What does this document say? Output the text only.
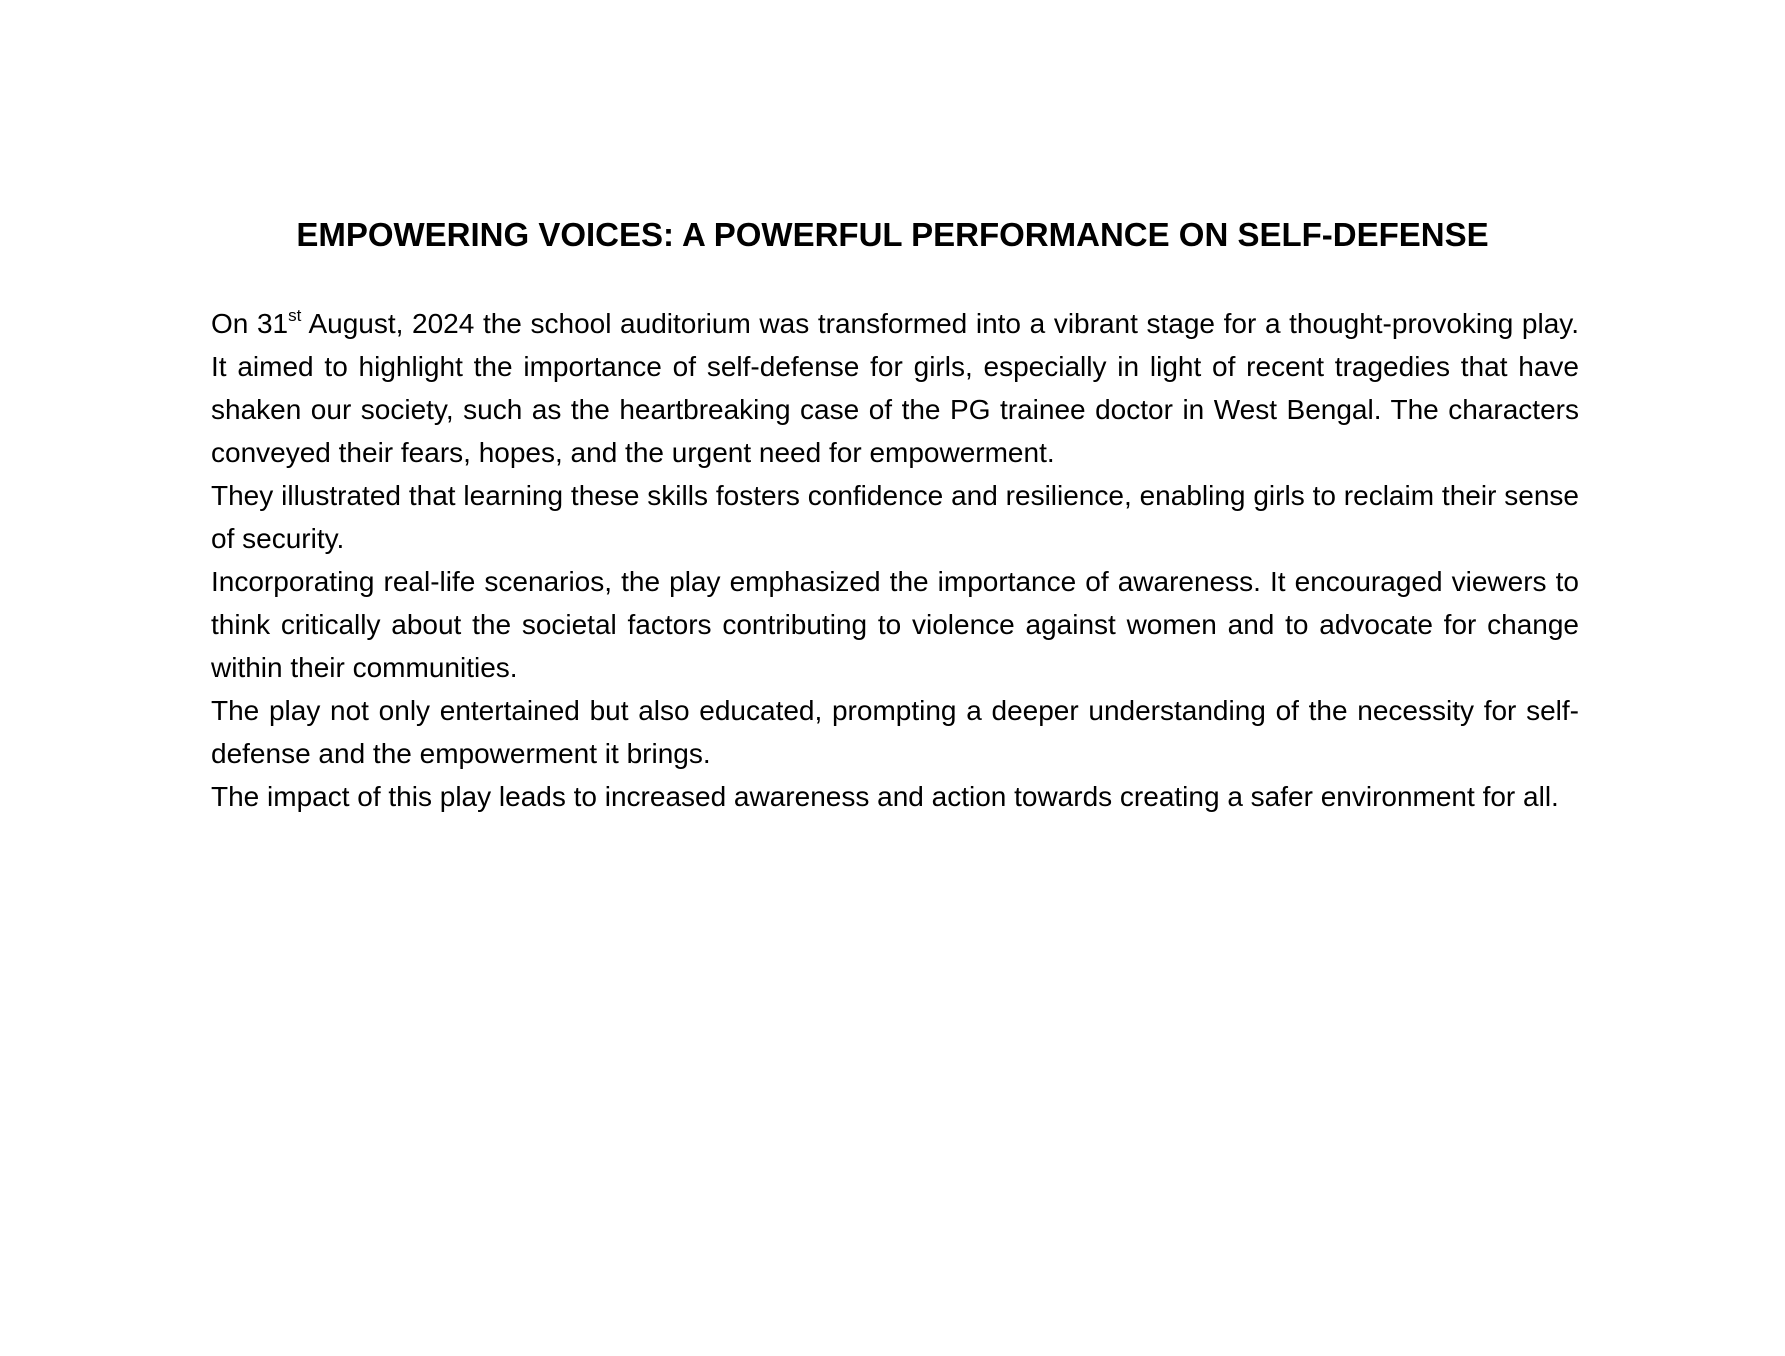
EMPOWERING VOICES: A POWERFUL PERFORMANCE ON SELF-DEFENSE

On 31st August, 2024 the school auditorium was transformed into a vibrant stage for a thought-provoking play. It aimed to highlight the importance of self-defense for girls, especially in light of recent tragedies that have shaken our society, such as the heartbreaking case of the PG trainee doctor in West Bengal. The characters conveyed their fears, hopes, and the urgent need for empowerment.

They illustrated that learning these skills fosters confidence and resilience, enabling girls to reclaim their sense of security.

Incorporating real-life scenarios, the play emphasized the importance of awareness. It encouraged viewers to think critically about the societal factors contributing to violence against women and to advocate for change within their communities.

The play not only entertained but also educated, prompting a deeper understanding of the necessity for self-defense and the empowerment it brings.

The impact of this play leads to increased awareness and action towards creating a safer environment for all.
